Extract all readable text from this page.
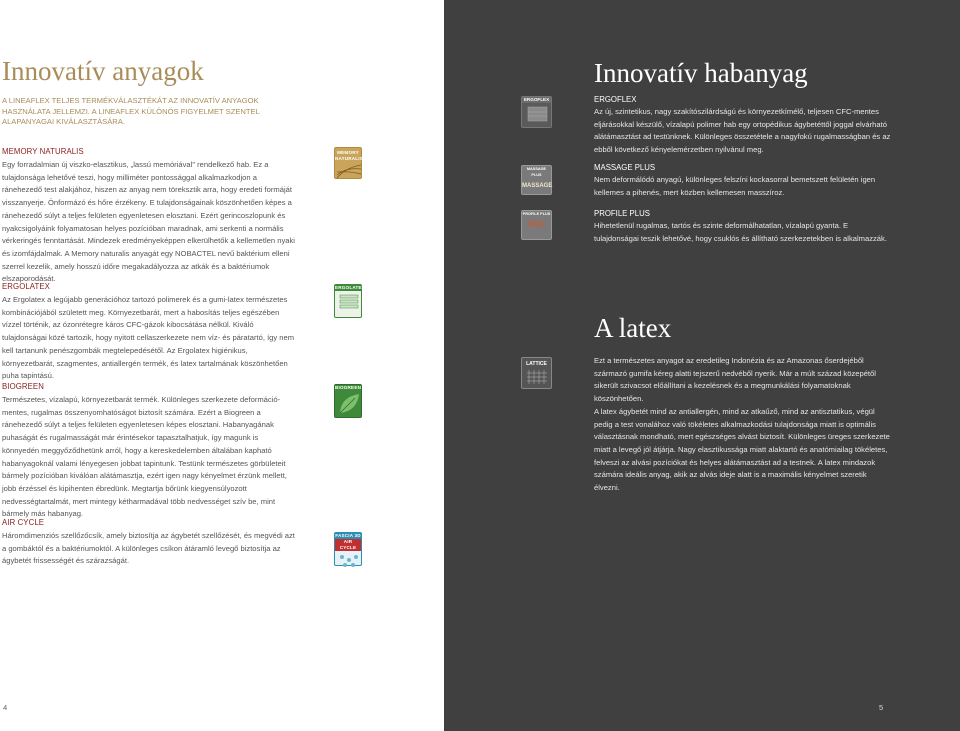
Innovatív anyagok

A LINEAFLEX TELJES TERMÉKVÁLASZTÉKÁT AZ INNOVATÍV ANYAGOK HASZNÁLATA JELLEMZI. A LINEAFLEX KÜLÖNÖS FIGYELMET SZENTEL ALAPANYAGAI KIVÁLASZTÁSÁRA.

MEMORY NATURALIS

Egy forradalmian új viszko-elasztikus, „lassú memóriával" rendelkező hab. Ez a tulajdonsága lehetővé teszi, hogy milliméter pontossággal alkalmazkodjon a ránehezedő test alakjához, hiszen az anyag nem töreksztik arra, hogy eredeti formáját visszanyerje. Önformázó és hőre érzékeny. E tulajdonságainak köszönhetően képes a ránehezedő súlyt a teljes felületen egyenletesen elosztani. Ezért gerincoszlopunk és nyakcsigolyáink folyamatosan helyes pozícióban maradnak, ami serkenti a normális vérkeringés fenntartását. Mindezek eredményeképpen elkerülhetők a kellemetlen nyaki és izomfájdalmak. A Memory naturalis anyagát egy NOBACTEL nevű baktérium elleni szerrel kezelik, amely hosszú időre megakadályozza az atkák és a baktériumok elszaporodását.

ERGOLATEX

Az Ergolatex a legújabb generációhoz tartozó polimerek és a gumi-latex természetes kombinációjából született meg. Környezetbarát, mert a habosítás teljes egészében vízzel történik, az ózonrétegre káros CFC-gázok kibocsátása nélkül. Kiváló tulajdonságai közé tartozik, hogy nyitott cellaszerkezete nem víz- és páratartó, így nem kell tartanunk penészgombák megtelepedésétől. Az Ergolatex higiénikus, környezetbarát, szagmentes, antiallergén termék, és latex tartalmának köszönhetően puha tapintású.

BIOGREEN

Természetes, vízalapú, környezetbarát termék. Különleges szerkezete deformáció-mentes, rugalmas összenyomhatóságot biztosít számára. Ezért a Biogreen a ránehezedő súlyt a teljes felületen egyenletesen képes elosztani. Habanyagának puhaságát és rugalmasságát már érintésekor tapasztalhatjuk, így magunk is könnyedén meggyőződhetünk arról, hogy a kereskedelemben általában kapható habanyagoknál valami lényegesen jobbat tapintunk. Testünk természetes görbületeit bármely pozícióban kiválóan alátámasztja, ezért igen nagy kényelmet érzünk mellett, jobb érzéssel és kipihenten ébredünk. Megtartja bőrünk kiegyensúlyozott nedvességtartalmát, mert mintegy kétharmadával több nedvességet szív be, mint bármely más habanyag.

AIR CYCLE

Háromdimenziós szellőzőcsík, amely biztosítja az ágybetét szellőzését, és megvédi azt a gombáktól és a baktériumoktól. A különleges csíkon átáramló levegő biztosítja az ágybetét frissességét és szárazságát.

MEMORY NATURALIS
ERGOLATEX
BIOGREEN
FASCIA 3D
AIR CYCLE
4
Innovatív habanyag
ERGOFLEX

Az új, szintetikus, nagy szakítószilárdságú és környezetkímélő, teljesen CFC-mentes eljárásokkal készülő, vízalapú polimer hab egy ortopédikus ágybetéttől joggal elvárható alátámasztást ad testünknek. Különleges összetétele a nagyfokú rugalmasságban és az ebből következő kényelemérzetben nyilvánul meg.

MASSAGE PLUS

Nem deformálódó anyagú, különleges felszíni kockasorral bemetszett felületén igen kellemes a pihenés, mert közben kellemesen masszíroz.

PROFILE PLUS

Hihetetlenül rugalmas, tartós és szinte deformálhatatlan, vízalapú gyanta. E tulajdonságai teszik lehetővé, hogy csuklós és állítható szerkezetekben is alkalmazzák.

A latex

Ezt a természetes anyagot az eredetileg Indonézia és az Amazonas őserdejéből származó gumifa kéreg alatti tejszerű nedvéből nyerik. Már a múlt század közepétől sikerült szivacsot előállítani a kezelésnek és a megmunkálási folyamatoknak köszönhetően.

A latex ágybetét mind az antiallergén, mind az atkaűző, mind az antisztatikus, végül pedig a test vonalához való tökéletes alkalmazkodási tulajdonsága miatt is optimális választásnak mondható, mert egészséges alvást biztosít. Különleges üreges szerkezete miatt a levegő jól átjárja. Nagy elasztikussága miatt alaktartó és anatómiailag tökéletes, felveszi az alvási pozíciókat és helyes alátámasztást ad a testnek. A latex mindazok számára ideális anyag, akik az alvás ideje alatt is a maximális kényelmet szeretik élvezni.

ERGOFLEX
MASSAGE PLUS
MASSAGE
PROFILE PLUS
PRO
LATTICE
5
